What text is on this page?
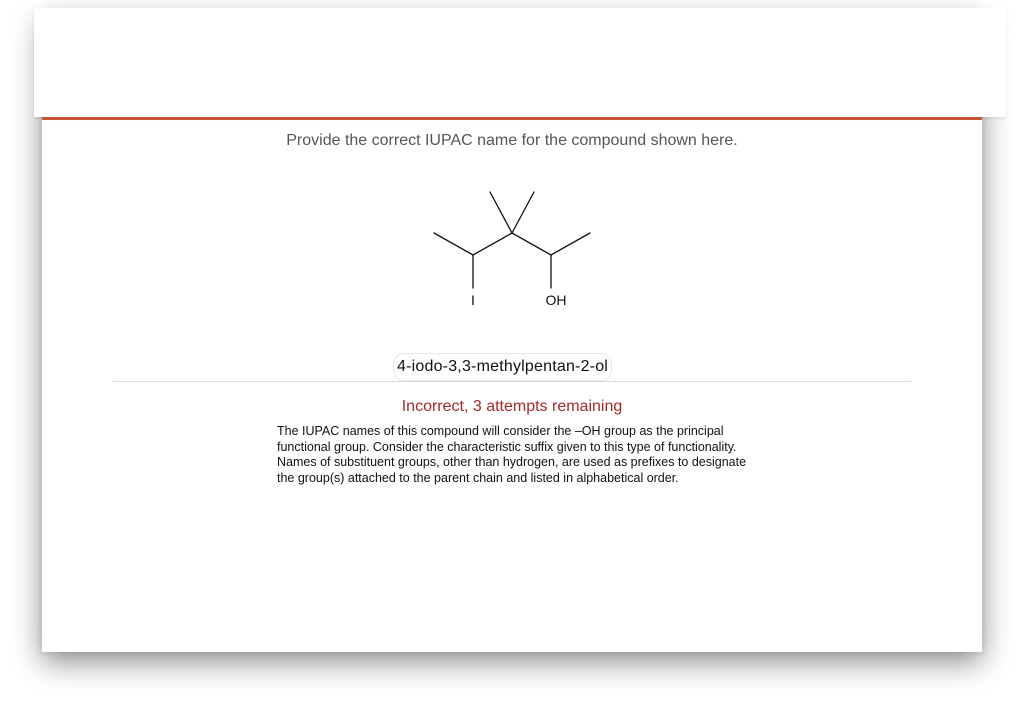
Provide the correct IUPAC name for the compound shown here.
I	OH
4-iodo-3,3-methylpentan-2-ol
Incorrect, 3 attempts remaining
The IUPAC names of this compound will consider the –OH group as the principal functional group. Consider the characteristic suffix given to this type of functionality. Names of substituent groups, other than hydrogen, are used as prefixes to designate the group(s) attached to the parent chain and listed in alphabetical order.
